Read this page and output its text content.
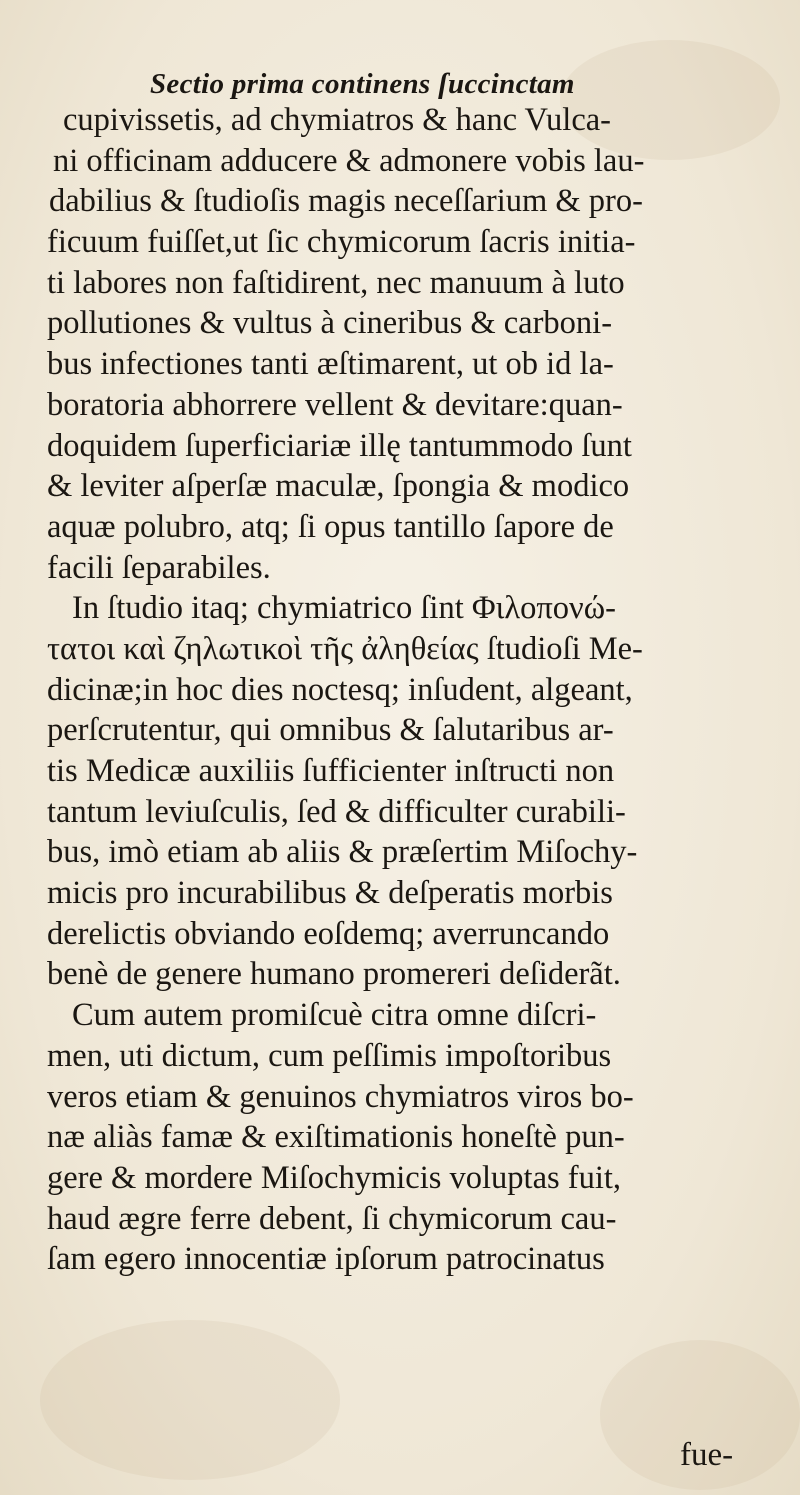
Sectio prima continens ſuccinctam
cupivissetis, ad chymiatros & hanc Vulca-
ni officinam adducere & admonere vobis lau-
dabilius & ſtudioſis magis neceſſarium & pro-
ficuum fuiſſet,ut ſic chymicorum ſacris initia-
ti labores non faſtidirent, nec manuum à luto
pollutiones & vultus à cineribus & carboni-
bus infectiones tanti æſtimarent, ut ob id la-
boratoria abhorrere vellent & devitare:quan-
doquidem ſuperficiariæ illę tantummodo ſunt
& leviter aſperſæ maculæ, ſpongia & modico
aquæ polubro, atq; ſi opus tantillo ſapore de
facili ſeparabiles.
In ſtudio itaq; chymiatrico ſint Φιλοπονώ-
τατοι καὶ ζηλωτικοὶ τῆς ἀληθείας ſtudioſi Me-
dicinæ;in hoc dies noctesq; inſudent, algeant,
perſcrutentur, qui omnibus & ſalutaribus ar-
tis Medicæ auxiliis ſufficienter inſtructi non
tantum leviuſculis, ſed & difficulter curabili-
bus, imò etiam ab aliis & præſertim Miſochy-
micis pro incurabilibus & deſperatis morbis
derelictis obviando eoſdemq; averruncando
benè de genere humano promereri deſiderãt.
Cum autem promiſcuè citra omne diſcri-
men, uti dictum, cum peſſimis impoſtoribus
veros etiam & genuinos chymiatros viros bo-
næ aliàs famæ & exiſtimationis honeſtè pun-
gere & mordere Miſochymicis voluptas fuit,
haud ægre ferre debent, ſi chymicorum cau-
ſam egero innocentiæ ipſorum patrocinatus
fue-
